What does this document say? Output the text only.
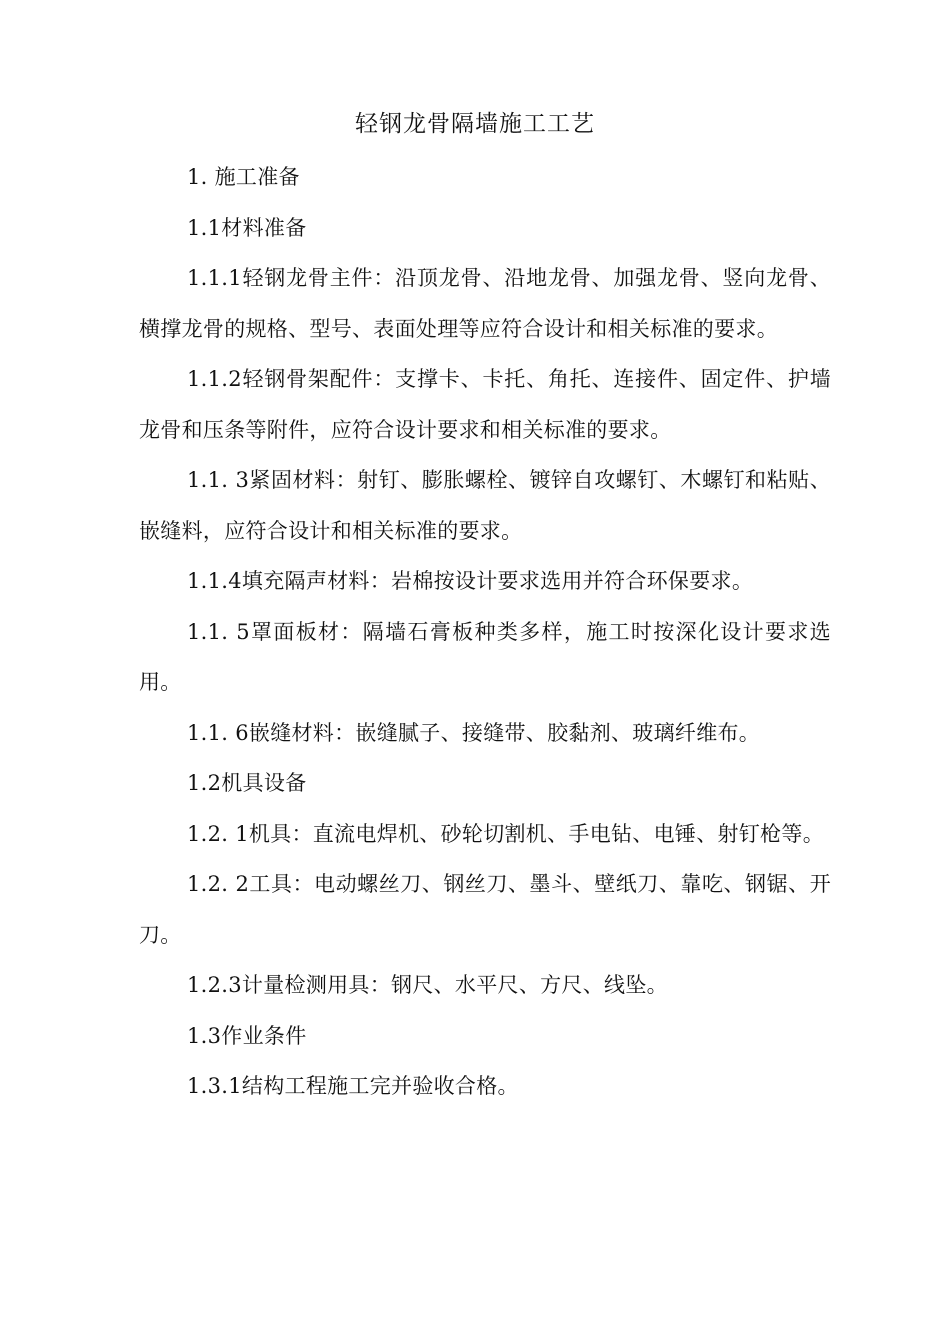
轻钢龙骨隔墙施工工艺

1. 施工准备

1.1材料准备

1.1.1轻钢龙骨主件：沿顶龙骨、沿地龙骨、加强龙骨、竖向龙骨、横撑龙骨的规格、型号、表面处理等应符合设计和相关标准的要求。

1.1.2轻钢骨架配件：支撑卡、卡托、角托、连接件、固定件、护墙龙骨和压条等附件，应符合设计要求和相关标准的要求。

1.1. 3紧固材料：射钉、膨胀螺栓、镀锌自攻螺钉、木螺钉和粘贴、嵌缝料，应符合设计和相关标准的要求。

1.1.4填充隔声材料：岩棉按设计要求选用并符合环保要求。

1.1. 5罩面板材：隔墙石膏板种类多样，施工时按深化设计要求选用。

1.1. 6嵌缝材料：嵌缝腻子、接缝带、胶黏剂、玻璃纤维布。

1.2机具设备

1.2. 1机具：直流电焊机、砂轮切割机、手电钻、电锤、射钉枪等。

1.2. 2工具：电动螺丝刀、钢丝刀、墨斗、壁纸刀、靠吃、钢锯、开刀。

1.2.3计量检测用具：钢尺、水平尺、方尺、线坠。

1.3作业条件

1.3.1结构工程施工完并验收合格。
